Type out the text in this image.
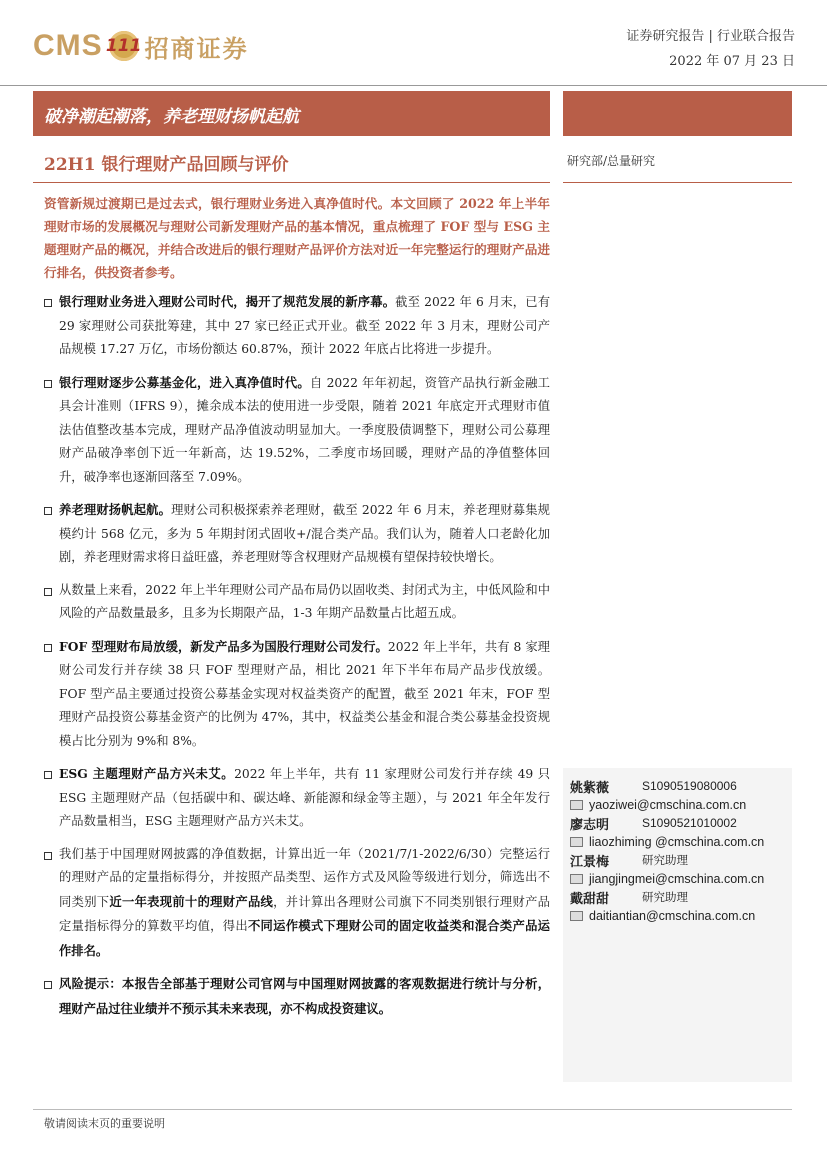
CMS 111 招商证券	证券研究报告 | 行业联合报告
2022 年 07 月 23 日
破净潮起潮落，养老理财扬帆起航
22H1 银行理财产品回顾与评价	研究部/总量研究
资管新规过渡期已是过去式，银行理财业务进入真净值时代。本文回顾了 2022 年上半年理财市场的发展概况与理财公司新发理财产品的基本情况，重点梳理了 FOF 型与 ESG 主题理财产品的概况，并结合改进后的银行理财产品评价方法对近一年完整运行的理财产品进行排名，供投资者参考。
银行理财业务进入理财公司时代，揭开了规范发展的新序幕。截至 2022 年 6 月末，已有 29 家理财公司获批筹建，其中 27 家已经正式开业。截至 2022 年 3 月末，理财公司产品规模 17.27 万亿，市场份额达 60.87%，预计 2022 年底占比将进一步提升。
银行理财逐步公募基金化，进入真净值时代。自 2022 年年初起，资管产品执行新金融工具会计准则（IFRS 9），摊余成本法的使用进一步受限，随着 2021 年底定开式理财市值法估值整改基本完成，理财产品净值波动明显加大。一季度股债调整下，理财公司公募理财产品破净率创下近一年新高，达 19.52%，二季度市场回暖，理财产品的净值整体回升，破净率也逐渐回落至 7.09%。
养老理财扬帆起航。理财公司积极探索养老理财，截至 2022 年 6 月末，养老理财募集规模约计 568 亿元，多为 5 年期封闭式固收+/混合类产品。我们认为，随着人口老龄化加剧，养老理财需求将日益旺盛，养老理财等含权理财产品规模有望保持较快增长。
从数量上来看，2022 年上半年理财公司产品布局仍以固收类、封闭式为主，中低风险和中风险的产品数量最多，且多为长期限产品，1-3 年期产品数量占比超五成。
FOF 型理财布局放缓，新发产品多为国股行理财公司发行。2022 年上半年，共有 8 家理财公司发行并存续 38 只 FOF 型理财产品，相比 2021 年下半年布局产品步伐放缓。FOF 型产品主要通过投资公募基金实现对权益类资产的配置，截至 2021 年末，FOF 型理财产品投资公募基金资产的比例为 47%，其中，权益类公基金和混合类公募基金投资规模占比分别为 9%和 8%。
ESG 主题理财产品方兴未艾。2022 年上半年，共有 11 家理财公司发行并存续 49 只 ESG 主题理财产品（包括碳中和、碳达峰、新能源和绿金等主题），与 2021 年全年发行产品数量相当，ESG 主题理财产品方兴未艾。
我们基于中国理财网披露的净值数据，计算出近一年（2021/7/1-2022/6/30）完整运行的理财产品的定量指标得分，并按照产品类型、运作方式及风险等级进行划分，筛选出不同类别下近一年表现前十的理财产品线，并计算出各理财公司旗下不同类别银行理财产品定量指标得分的算数平均值，得出不同运作模式下理财公司的固定收益类和混合类产品运作排名。
风险提示：本报告全部基于理财公司官网与中国理财网披露的客观数据进行统计与分析，理财产品过往业绩并不预示其未来表现，亦不构成投资建议。
姚紫薇	S1090519080006
yaoziwei@cmschina.com.cn
廖志明	S1090521010002
liaozhiming @cmschina.com.cn
江景梅	研究助理
jiangjingmei@cmschina.com.cn
戴甜甜	研究助理
daitiantian@cmschina.com.cn
敬请阅读末页的重要说明
